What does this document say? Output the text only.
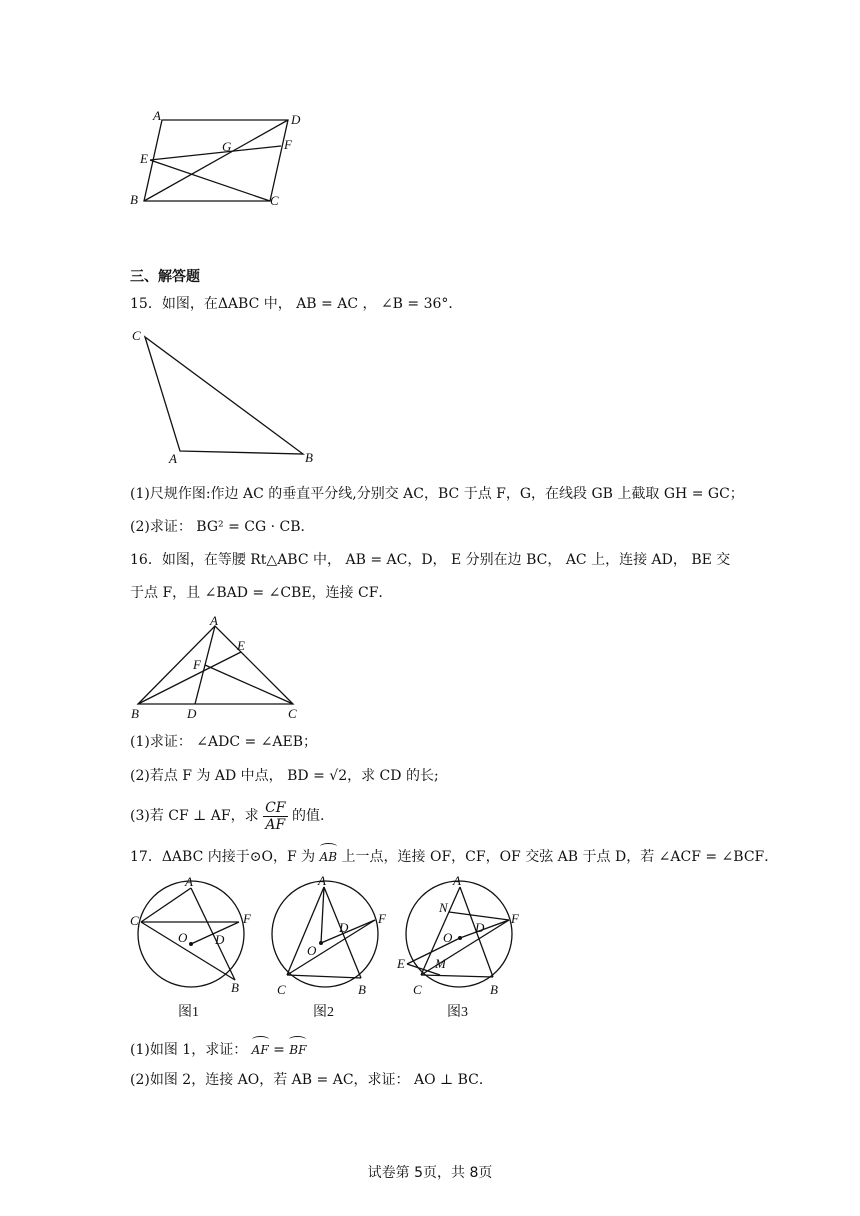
A	D
E
G	F
B	C
三、解答题
15．如图，在ΔABC 中， AB = AC ， ∠B = 36°．
C
A	B
(1)尺规作图:作边 AC 的垂直平分线,分别交 AC，BC 于点 F，G，在线段 GB 上截取 GH = GC；
(2)求证： BG² = CG · CB．
16．如图，在等腰 Rt△ABC 中， AB = AC，D， E 分别在边 BC， AC 上，连接 AD， BE 交
于点 F，且 ∠BAD = ∠CBE，连接 CF．
A
E
F
B	D	C
(1)求证： ∠ADC = ∠AEB；
(2)若点 F 为 AD 中点， BD = √2，求 CD 的长;
(3)若 CF ⊥ AF，求 $\frac{CF}{AF}$ 的值.
17．ΔABC 内接于⊙O，F 为 AB 上一点，连接 OF，CF，OF 交弦 AB 于点 D，若 ∠ACF = ∠BCF．
A
C	F
O D
B
图1
A
D
F
O
C	B
图2
A
N
O
D
F
E M
C	B
图3
(1)如图 1，求证： AF = BF
(2)如图 2，连接 AO，若 AB = AC，求证： AO ⊥ BC．
试卷第 5页，共 8页
